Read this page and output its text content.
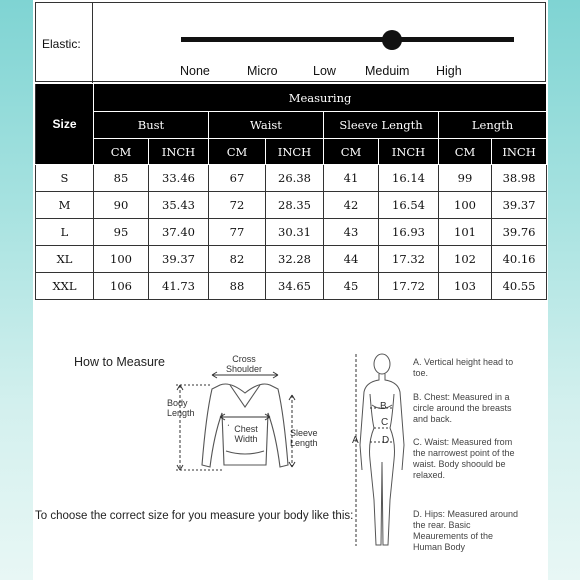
Elastic:
None	Micro	Low Meduim High
Size	Measuring							
	Bust		Waist		Sleeve Length		Length	
	CM	INCH	CM	INCH	CM	INCH	CM	INCH
S	85	33.46	67	26.38	41	16.14	99	38.98
M	90	35.43	72	28.35	42	16.54	100	39.37
L	95	37.40	77	30.31	43	16.93	101	39.76
XL	100	39.37	82	32.28	44	17.32	102	40.16
XXL	106	41.73	88	34.65	45	17.72	103	40.55
How to Measure	Cross Shoulder
Body Length
Chest Width
Sleeve Length
To choose the correct size for you measure your body like this:
A
B
C
D
A. Vertical height head to toe.
B. Chest: Measured in a circle around the breasts and back.
C. Waist: Measured from the narrowest point of the waist. Body shoould be relaxed.
D. Hips: Measured around the rear. Basic Meaurements of the Human Body
